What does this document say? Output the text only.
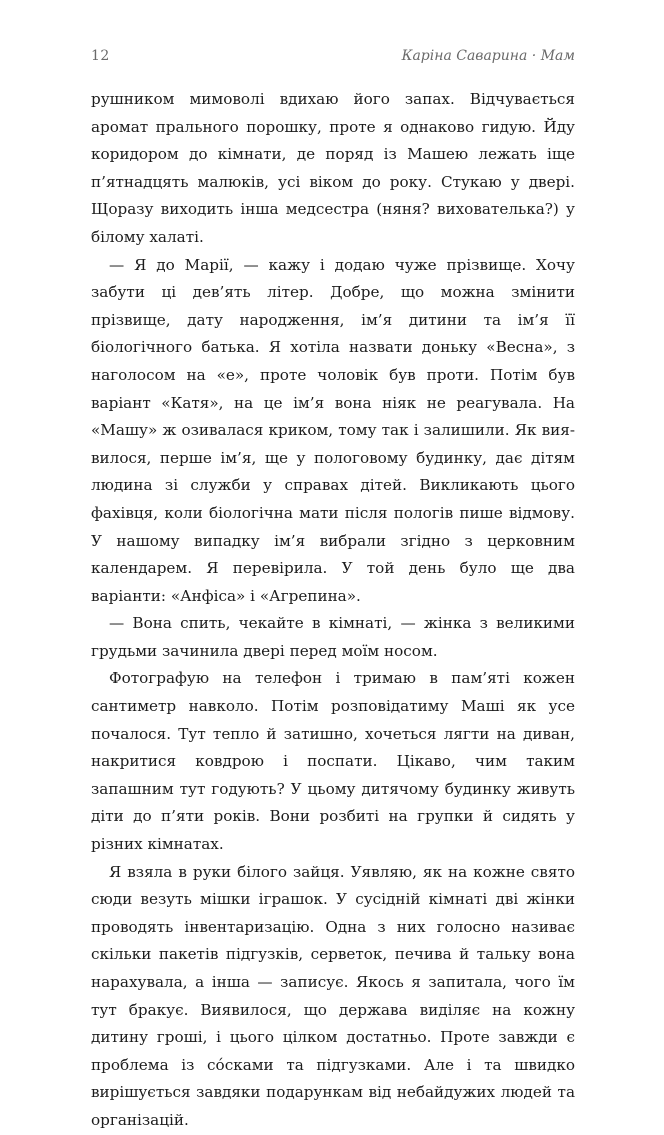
12	Каріна Саварина · Мам

рушником мимоволі вдихаю його запах. Відчувається аромат прального порошку, проте я однаково гидую. Йду коридором до кімнати, де поряд із Машею лежать іще п’ятнадцять малюків, усі віком до року. Стукаю у двері. Щоразу виходить інша медсестра (няня? вихователька?) у білому халаті.

— Я до Марії, — кажу і додаю чуже прізвище. Хочу забути ці дев’ять літер. Добре, що можна змінити прізвище, дату народження, ім’я дитини та ім’я її біологічного батька. Я хотіла назвати доньку «Весна», з наголосом на «е», проте чоловік був проти. Потім був варіант «Катя», на це ім’я вона ніяк не реагувала. На «Машу» ж озивалася криком, тому так і залишили. Як виявилося, перше ім’я, ще у пологовому будинку, дає дітям людина зі служби у справах дітей. Викликають цього фахівця, коли біологічна мати після пологів пише відмову. У нашому випадку ім’я вибрали згідно з церковним календарем. Я перевірила. У той день було ще два варіанти: «Анфіса» і «Агрепина».

— Вона спить, чекайте в кімнаті, — жінка з великими грудьми зачинила двері перед моїм носом.

Фотографую на телефон і тримаю в пам’яті кожен сантиметр навколо. Потім розповідатиму Маші як усе почалося. Тут тепло й затишно, хочеться лягти на диван, накритися ковдрою і поспати. Цікаво, чим таким запашним тут годують? У цьому дитячому будинку живуть діти до п’яти років. Вони розбиті на групки й сидять у різних кімнатах.

Я взяла в руки білого зайця. Уявляю, як на кожне свято сюди везуть мішки іграшок. У сусідній кімнаті дві жінки проводять інвентаризацію. Одна з них голосно називає скільки пакетів підгузків, серветок, печива й тальку вона нарахувала, а інша — записує. Якось я запитала, чого їм тут бракує. Виявилося, що держава виділяє на кожну дитину гроші, і цього цілком достатньо. Проте завжди є проблема із сóсками та підгузками. Але і та швидко вирішується завдяки подарункам від небайдужих людей та організацій.
